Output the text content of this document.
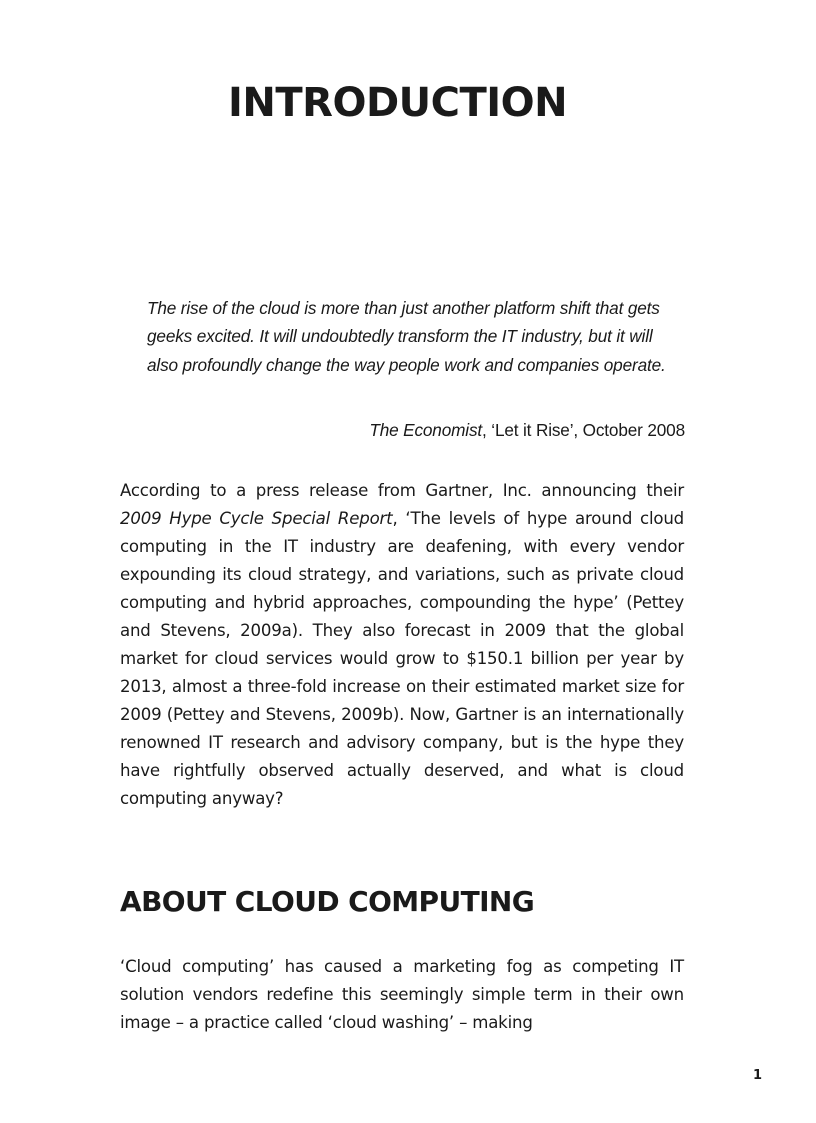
INTRODUCTION

The rise of the cloud is more than just another platform shift that gets geeks excited. It will undoubtedly transform the IT industry, but it will also profoundly change the way people work and companies operate.

The Economist, ‘Let it Rise’, October 2008

According to a press release from Gartner, Inc. announcing their 2009 Hype Cycle Special Report, ‘The levels of hype around cloud computing in the IT industry are deafening, with every vendor expounding its cloud strategy, and variations, such as private cloud computing and hybrid approaches, compounding the hype’ (Pettey and Stevens, 2009a). They also forecast in 2009 that the global market for cloud services would grow to $150.1 billion per year by 2013, almost a three-fold increase on their estimated market size for 2009 (Pettey and Stevens, 2009b). Now, Gartner is an internationally renowned IT research and advisory company, but is the hype they have rightfully observed actually deserved, and what is cloud computing anyway?

ABOUT CLOUD COMPUTING

‘Cloud computing’ has caused a marketing fog as competing IT solution vendors redefine this seemingly simple term in their own image – a practice called ‘cloud washing’ – making

1
